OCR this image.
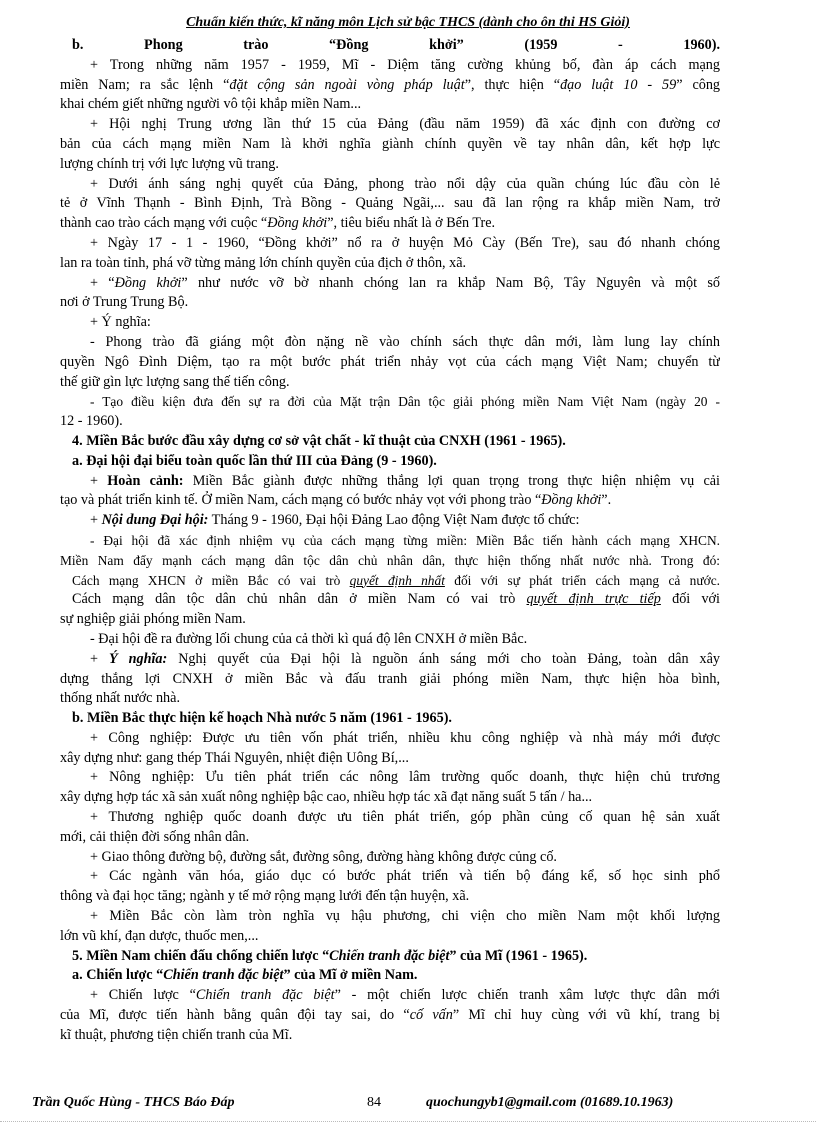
Chuẩn kiến thức, kĩ năng môn Lịch sử bậc THCS (dành cho ôn thi HS Giỏi)
b. Phong trào “Đồng khởi” (1959 - 1960).
+ Trong những năm 1957 - 1959, Mĩ - Diệm tăng cường khủng bố, đàn áp cách mạng
miền Nam; ra sắc lệnh “đặt cộng sản ngoài vòng pháp luật”, thực hiện “đạo luật 10 - 59” công
khai chém giết những người vô tội khắp miền Nam...
+ Hội nghị Trung ương lần thứ 15 của Đảng (đầu năm 1959) đã xác định con đường cơ
bản của cách mạng miền Nam là khởi nghĩa giành chính quyền về tay nhân dân, kết hợp lực
lượng chính trị với lực lượng vũ trang.
+ Dưới ánh sáng nghị quyết của Đảng, phong trào nổi dậy của quần chúng lúc đầu còn lẻ
tẻ ở Vĩnh Thạnh - Bình Định, Trà Bồng - Quảng Ngãi,... sau đã lan rộng ra khắp miền Nam, trở
thành cao trào cách mạng với cuộc “Đồng khởi”, tiêu biểu nhất là ở Bến Tre.
+ Ngày 17 - 1 - 1960, “Đồng khởi” nổ ra ở huyện Mỏ Cày (Bến Tre), sau đó nhanh chóng
lan ra toàn tỉnh, phá vỡ từng mảng lớn chính quyền của địch ở thôn, xã.
+ “Đồng khởi” như nước vỡ bờ nhanh chóng lan ra khắp Nam Bộ, Tây Nguyên và một số
nơi ở Trung Trung Bộ.
+ Ý nghĩa:
- Phong trào đã giáng một đòn nặng nề vào chính sách thực dân mới, làm lung lay chính
quyền Ngô Đình Diệm, tạo ra một bước phát triển nhảy vọt của cách mạng Việt Nam; chuyển từ
thế giữ gìn lực lượng sang thế tiến công.
- Tạo điều kiện đưa đến sự ra đời của Mặt trận Dân tộc giải phóng miền Nam Việt Nam (ngày 20 -
12 - 1960).
4. Miền Bắc bước đầu xây dựng cơ sở vật chất - kĩ thuật của CNXH (1961 - 1965).
a. Đại hội đại biểu toàn quốc lần thứ III của Đảng (9 - 1960).
+ Hoàn cảnh: Miền Bắc giành được những thắng lợi quan trọng trong thực hiện nhiệm vụ cải
tạo và phát triển kinh tế. Ở miền Nam, cách mạng có bước nhảy vọt với phong trào “Đồng khởi”.
+ Nội dung Đại hội: Tháng 9 - 1960, Đại hội Đảng Lao động Việt Nam được tổ chức:
- Đại hội đã xác định nhiệm vụ của cách mạng từng miền: Miền Bắc tiến hành cách mạng XHCN.
Miền Nam đẩy mạnh cách mạng dân tộc dân chủ nhân dân, thực hiện thống nhất nước nhà. Trong đó:
Cách mạng XHCN ở miền Bắc có vai trò quyết định nhất đối với sự phát triển cách mạng cả nước.
Cách mạng dân tộc dân chủ nhân dân ở miền Nam có vai trò quyết định trực tiếp đối với
sự nghiệp giải phóng miền Nam.
- Đại hội đề ra đường lối chung của cả thời kì quá độ lên CNXH ở miền Bắc.
+ Ý nghĩa: Nghị quyết của Đại hội là nguồn ánh sáng mới cho toàn Đảng, toàn dân xây
dựng thắng lợi CNXH ở miền Bắc và đấu tranh giải phóng miền Nam, thực hiện hòa bình,
thống nhất nước nhà.
b. Miền Bắc thực hiện kế hoạch Nhà nước 5 năm (1961 - 1965).
+ Công nghiệp: Được ưu tiên vốn phát triển, nhiều khu công nghiệp và nhà máy mới được
xây dựng như: gang thép Thái Nguyên, nhiệt điện Uông Bí,...
+ Nông nghiệp: Ưu tiên phát triển các nông lâm trường quốc doanh, thực hiện chủ trương
xây dựng hợp tác xã sản xuất nông nghiệp bậc cao, nhiều hợp tác xã đạt năng suất 5 tấn / ha...
+ Thương nghiệp quốc doanh được ưu tiên phát triển, góp phần củng cố quan hệ sản xuất
mới, cải thiện đời sống nhân dân.
+ Giao thông đường bộ, đường sắt, đường sông, đường hàng không được củng cố.
+ Các ngành văn hóa, giáo dục có bước phát triển và tiến bộ đáng kể, số học sinh phổ
thông và đại học tăng; ngành y tế mở rộng mạng lưới đến tận huyện, xã.
+ Miền Bắc còn làm tròn nghĩa vụ hậu phương, chi viện cho miền Nam một khối lượng
lớn vũ khí, đạn dược, thuốc men,...
5. Miền Nam chiến đấu chống chiến lược “Chiến tranh đặc biệt” của Mĩ (1961 - 1965).
a. Chiến lược “Chiến tranh đặc biệt” của Mĩ ở miền Nam.
+ Chiến lược “Chiến tranh đặc biệt” - một chiến lược chiến tranh xâm lược thực dân mới
của Mĩ, được tiến hành bằng quân đội tay sai, do “cố vấn” Mĩ chỉ huy cùng với vũ khí, trang bị
kĩ thuật, phương tiện chiến tranh của Mĩ.
Trần Quốc Hùng - THCS Báo Đáp	84	quochungyb1@gmail.com (01689.10.1963)
